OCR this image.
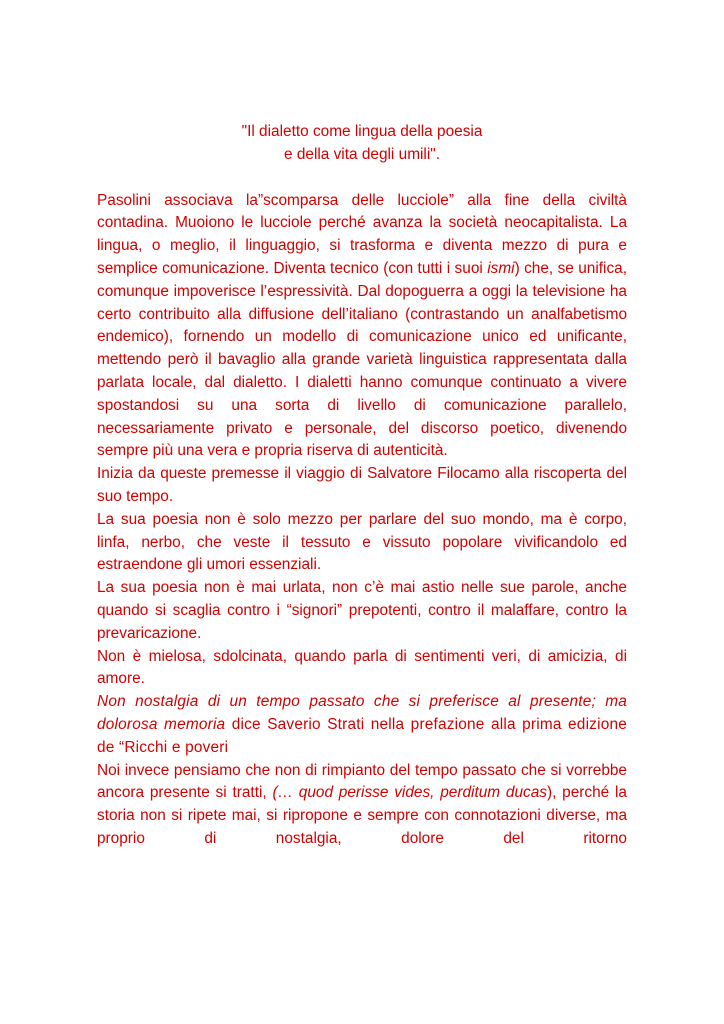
"Il dialetto come lingua della poesia
e della vita degli umili".

Pasolini associava la”scomparsa delle lucciole” alla fine della civiltà contadina. Muoiono le lucciole perché avanza la società neocapitalista. La lingua, o meglio, il linguaggio, si trasforma e diventa mezzo di pura e semplice comunicazione. Diventa tecnico (con tutti i suoi ismi) che, se unifica, comunque impoverisce l’espressività. Dal dopoguerra a oggi la televisione ha certo contribuito alla diffusione dell’italiano (contrastando un analfabetismo endemico), fornendo un modello di comunicazione unico ed unificante, mettendo però il bavaglio alla grande varietà linguistica rappresentata dalla parlata locale, dal dialetto. I dialetti hanno comunque continuato a vivere spostandosi su una sorta di livello di comunicazione parallelo, necessariamente privato e personale, del discorso poetico, divenendo sempre più una vera e propria riserva di autenticità.

Inizia da queste premesse il viaggio di Salvatore Filocamo alla riscoperta del suo tempo.

La sua poesia non è solo mezzo per parlare del suo mondo, ma è corpo, linfa, nerbo, che veste il tessuto e vissuto popolare vivificandolo ed estraendone gli umori essenziali.

La sua poesia non è mai urlata, non c’è mai astio nelle sue parole, anche quando si scaglia contro i “signori” prepotenti, contro il malaffare, contro la prevaricazione.

Non è mielosa, sdolcinata, quando parla di sentimenti veri, di amicizia, di amore.

Non nostalgia di un tempo passato che si preferisce al presente; ma dolorosa memoria dice Saverio Strati nella prefazione alla prima edizione de “Ricchi e poveri

Noi invece pensiamo che non di rimpianto del tempo passato che si vorrebbe ancora presente si tratti, (… quod perisse vides, perditum ducas), perché la storia non si ripete mai, si ripropone e sempre con connotazioni diverse, ma proprio di nostalgia, dolore del ritorno
